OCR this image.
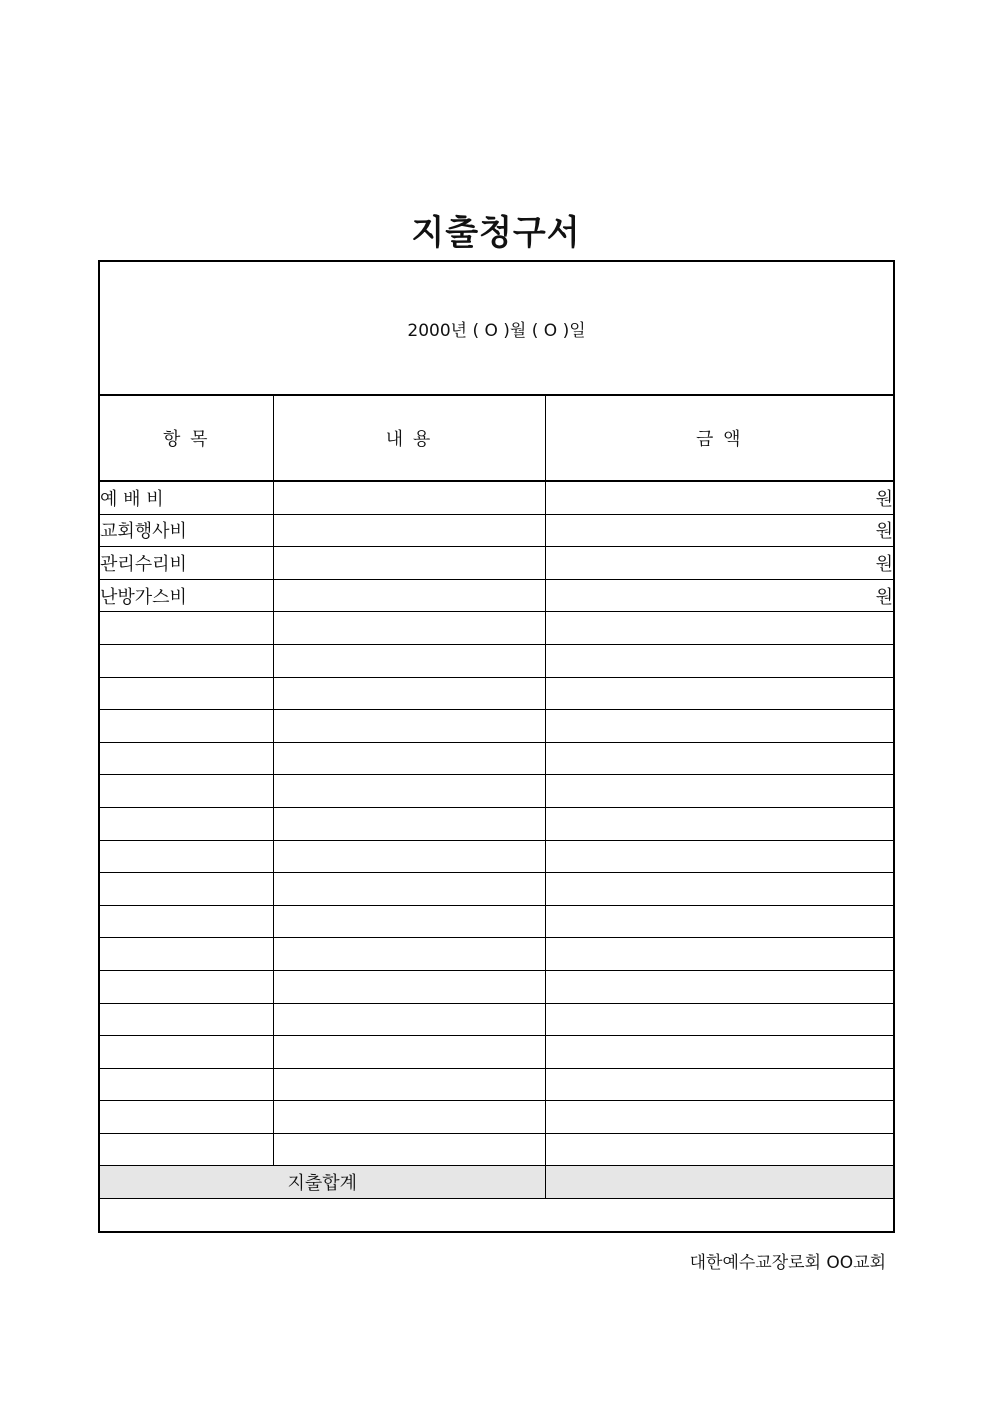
지출청구서
2000년 ( O )월 ( O )일
항 목	내 용	금 액
예 배 비		원
교회행사비		원
관리수리비		원
난방가스비		원

지출합계		
대한예수교장로회 OO교회
